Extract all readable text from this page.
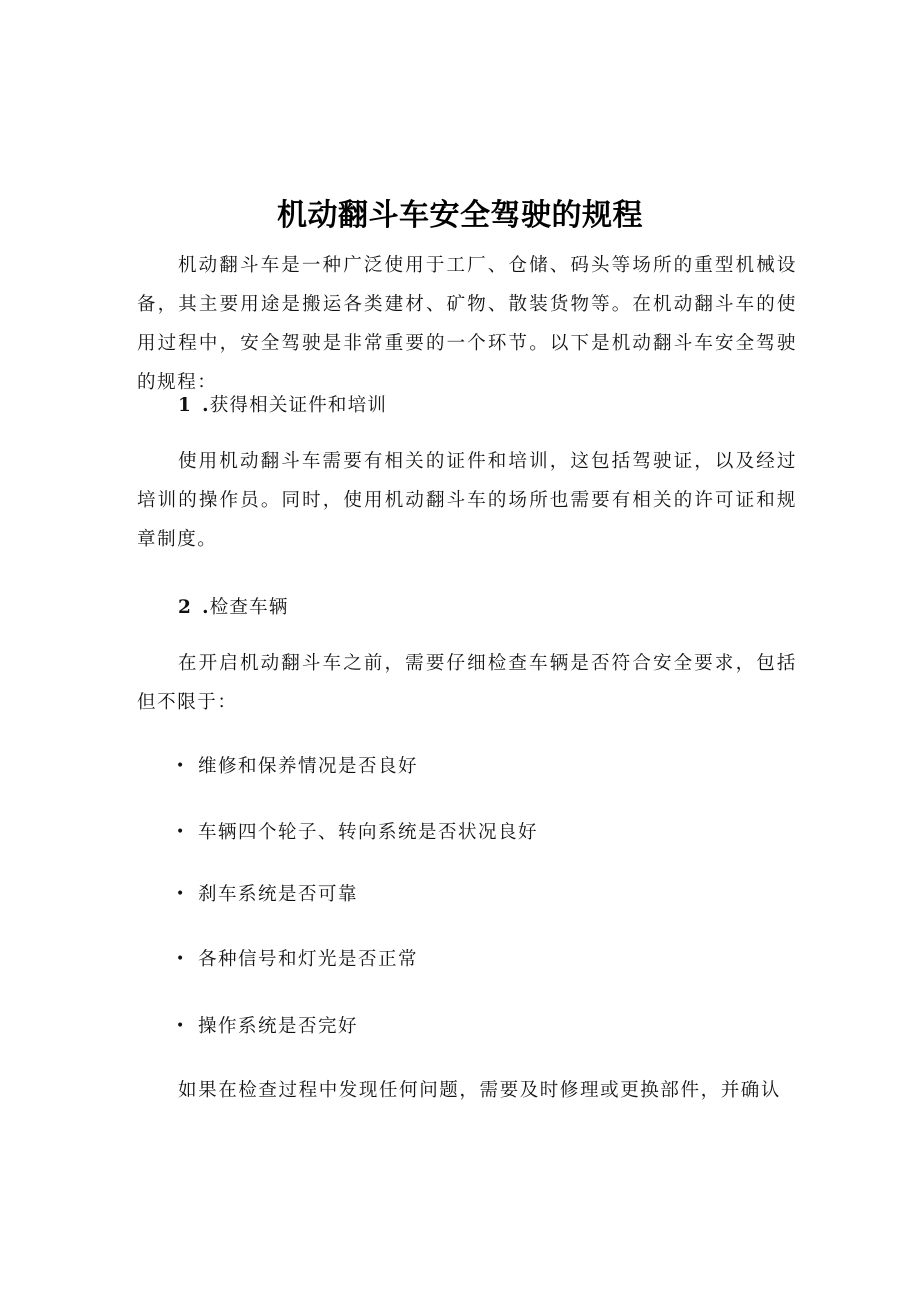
机动翻斗车安全驾驶的规程

机动翻斗车是一种广泛使用于工厂、仓储、码头等场所的重型机械设备，其主要用途是搬运各类建材、矿物、散装货物等。在机动翻斗车的使用过程中，安全驾驶是非常重要的一个环节。以下是机动翻斗车安全驾驶的规程：

1 .获得相关证件和培训

使用机动翻斗车需要有相关的证件和培训，这包括驾驶证，以及经过培训的操作员。同时，使用机动翻斗车的场所也需要有相关的许可证和规章制度。

2 .检查车辆

在开启机动翻斗车之前，需要仔细检查车辆是否符合安全要求，包括但不限于：

• 维修和保养情况是否良好
• 车辆四个轮子、转向系统是否状况良好
• 刹车系统是否可靠
• 各种信号和灯光是否正常
• 操作系统是否完好

如果在检查过程中发现任何问题，需要及时修理或更换部件，并确认
